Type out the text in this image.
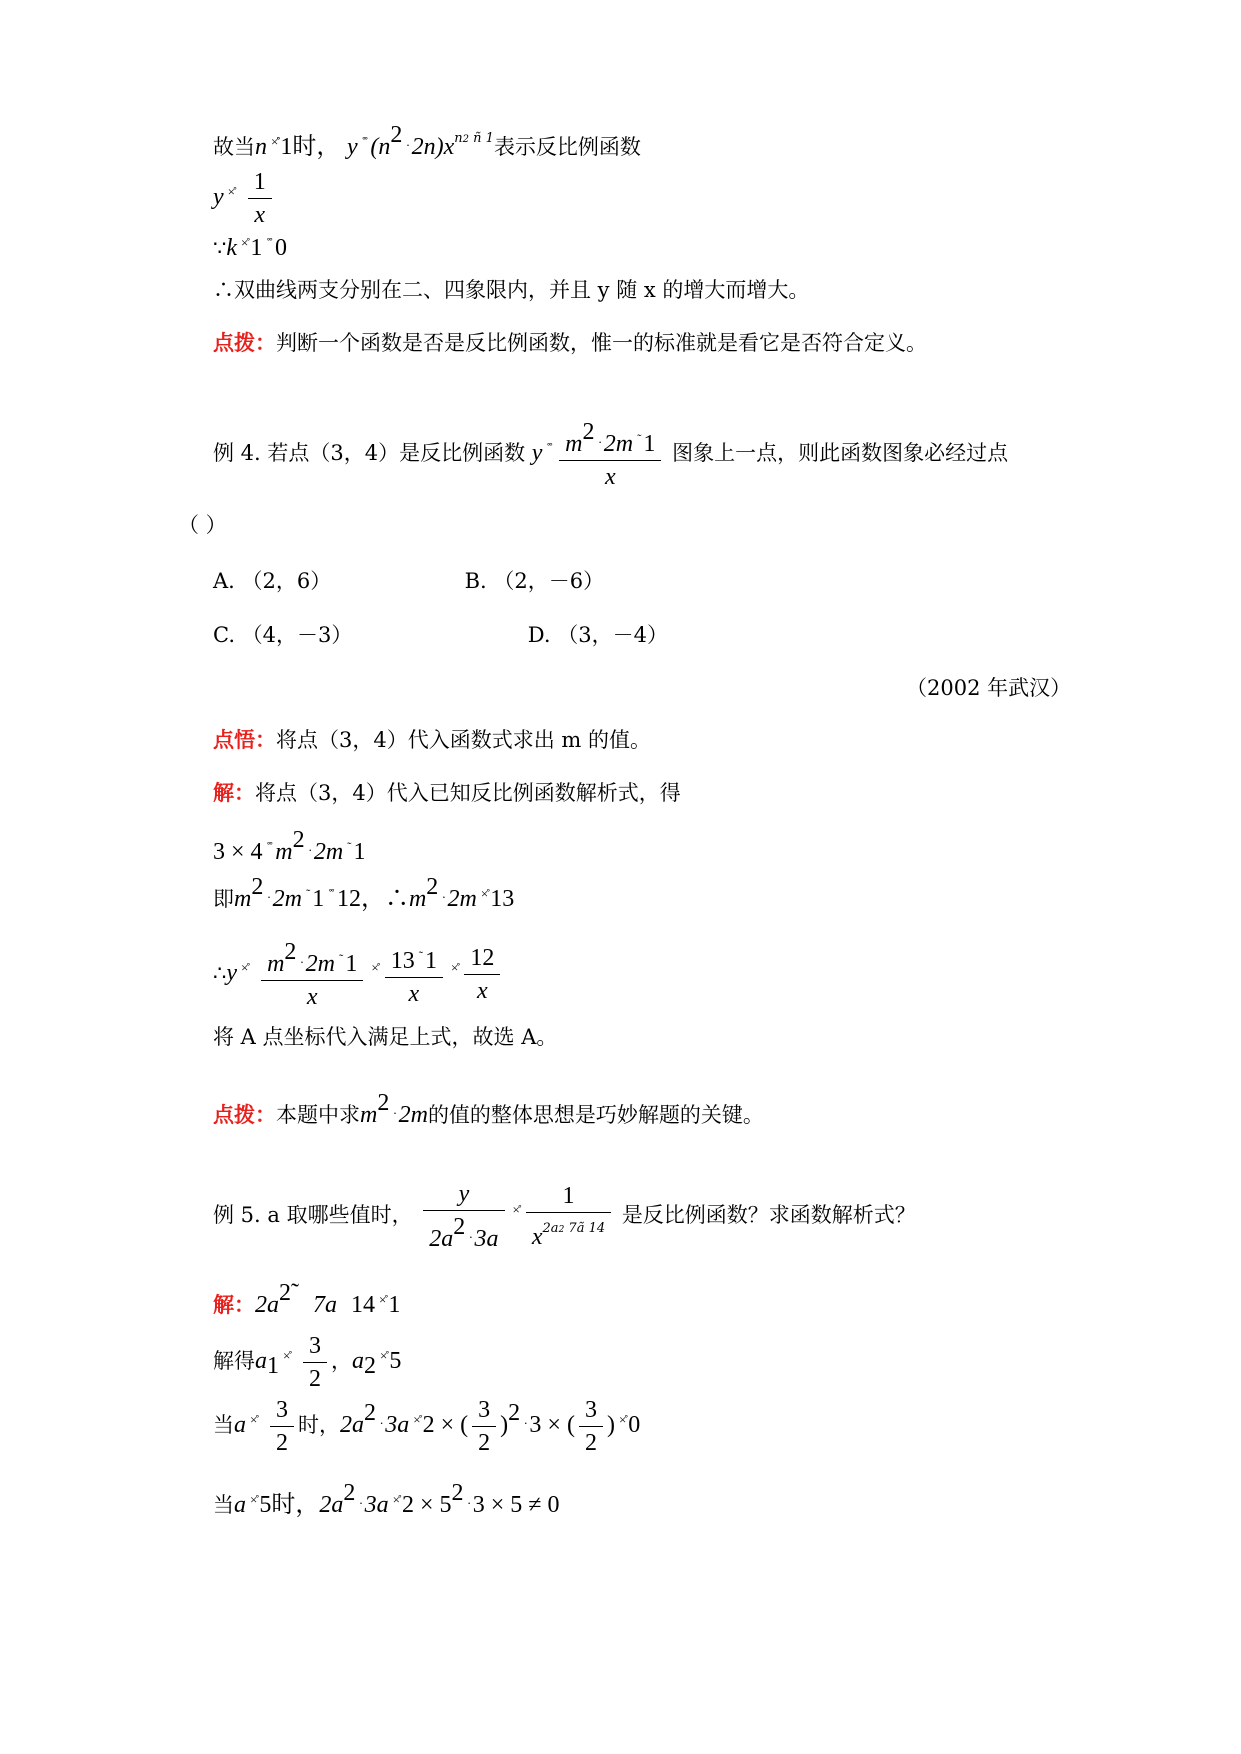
故当n ×̊̊ 1时， y ˚˚ ($n^2$ . $2n)x^{n2 ñ 1}$表示反比例函数
y $^{\times̊} \frac{1}{x}$
∵k ×̊ 1 ˚˚ 0
∴双曲线两支分别在二、四象限内，并且 y 随 x 的增大而增大。
点拨：判断一个函数是否是反比例函数，惟一的标准就是看它是否符合定义。
例 4. 若点（3，4）是反比例函数 y $^{˚˚} \frac{m^2 ^. 2m ^˜ 1}{x}$ 图象上一点，则此函数图象必经过点
（ ）
A. （2，6）	B. （2，－6）
C. （4，－3）	D. （3，－4）
（2002 年武汉）
点悟：将点（3，4）代入函数式求出 m 的值。
解：将点（3，4）代入已知反比例函数解析式，得
3 × 4 ˚˚ $m^2$ . 2m ˜ 1
即$m^2$ . 2m ˜ 1 ˚˚ 12，$\therefore m^2$ . 2m ×̊ 13
∴y $^{\times̊} \frac{m^2 ^. 2m ^˜ 1}{x} ^{\times̊} \frac{13 ^˜ 1}{x} ^{\times̊} \frac{12}{x}$
将 A 点坐标代入满足上式，故选 A。
点拨：本题中求$m^2$ . 2m的值的整体思想是巧妙解题的关键。
例 5. a 取哪些值时， $\frac{y}{2a^2 ^. 3a} ^{\times̊} \frac{1}{x^{2a2 7ã 14}}$ 是反比例函数？求函数解析式？
解：$2a^{2˜}$ 7a 14 ×̊ 1
解得$a_1$ $^{\times̊} \frac{3}{2}$ ，$a_2$ ×̊ 5
当a $^{\times̊} \frac{3}{2}$ 时，$2a^2$ . 3a ×̊ 2 × ( $\frac{3}{2} )^2$ . 3 × ( $\frac{3}{2}$ ) ×̊ 0
当a ×̊ 5时，$2a^2$ . 3a ×̊ $2 \times 5^2$ . 3 × 5 ≠ 0
